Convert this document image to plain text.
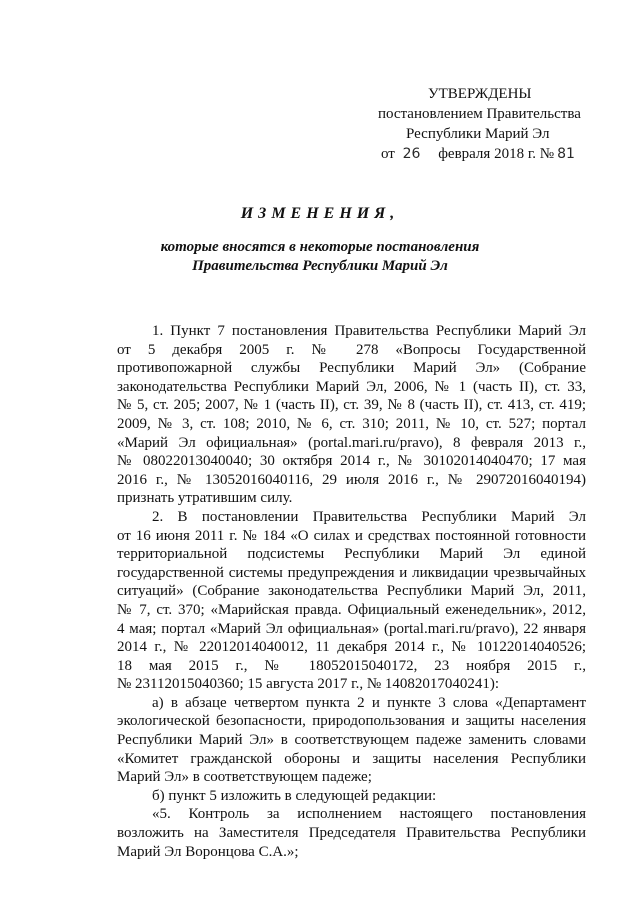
УТВЕРЖДЕНЫ
постановлением Правительства
Республики Марий Эл
от 26 февраля 2018 г. № 81
ИЗМЕНЕНИЯ,
которые вносятся в некоторые постановления
Правительства Республики Марий Эл
1. Пункт 7 постановления Правительства Республики Марий Эл
от 5 декабря 2005 г. № 278 «Вопросы Государственной
противопожарной службы Республики Марий Эл» (Собрание
законодательства Республики Марий Эл, 2006, № 1 (часть II), ст. 33,
№ 5, ст. 205; 2007, № 1 (часть II), ст. 39, № 8 (часть II), ст. 413, ст. 419;
2009, № 3, ст. 108; 2010, № 6, ст. 310; 2011, № 10, ст. 527; портал
«Марий Эл официальная» (portal.mari.ru/pravo), 8 февраля 2013 г.,
№ 08022013040040; 30 октября 2014 г., № 30102014040470; 17 мая
2016 г., № 13052016040116, 29 июля 2016 г., № 29072016040194)
признать утратившим силу.
2. В постановлении Правительства Республики Марий Эл
от 16 июня 2011 г. № 184 «О силах и средствах постоянной готовности
территориальной подсистемы Республики Марий Эл единой
государственной системы предупреждения и ликвидации чрезвычайных
ситуаций» (Собрание законодательства Республики Марий Эл, 2011,
№ 7, ст. 370; «Марийская правда. Официальный еженедельник», 2012,
4 мая; портал «Марий Эл официальная» (portal.mari.ru/pravo), 22 января
2014 г., № 22012014040012, 11 декабря 2014 г., № 10122014040526;
18 мая 2015 г., № 18052015040172, 23 ноября 2015 г.,
№ 23112015040360; 15 августа 2017 г., № 14082017040241):
а) в абзаце четвертом пункта 2 и пункте 3 слова «Департамент
экологической безопасности, природопользования и защиты населения
Республики Марий Эл» в соответствующем падеже заменить словами
«Комитет гражданской обороны и защиты населения Республики
Марий Эл» в соответствующем падеже;
б) пункт 5 изложить в следующей редакции:
«5. Контроль за исполнением настоящего постановления
возложить на Заместителя Председателя Правительства Республики
Марий Эл Воронцова С.А.»;
